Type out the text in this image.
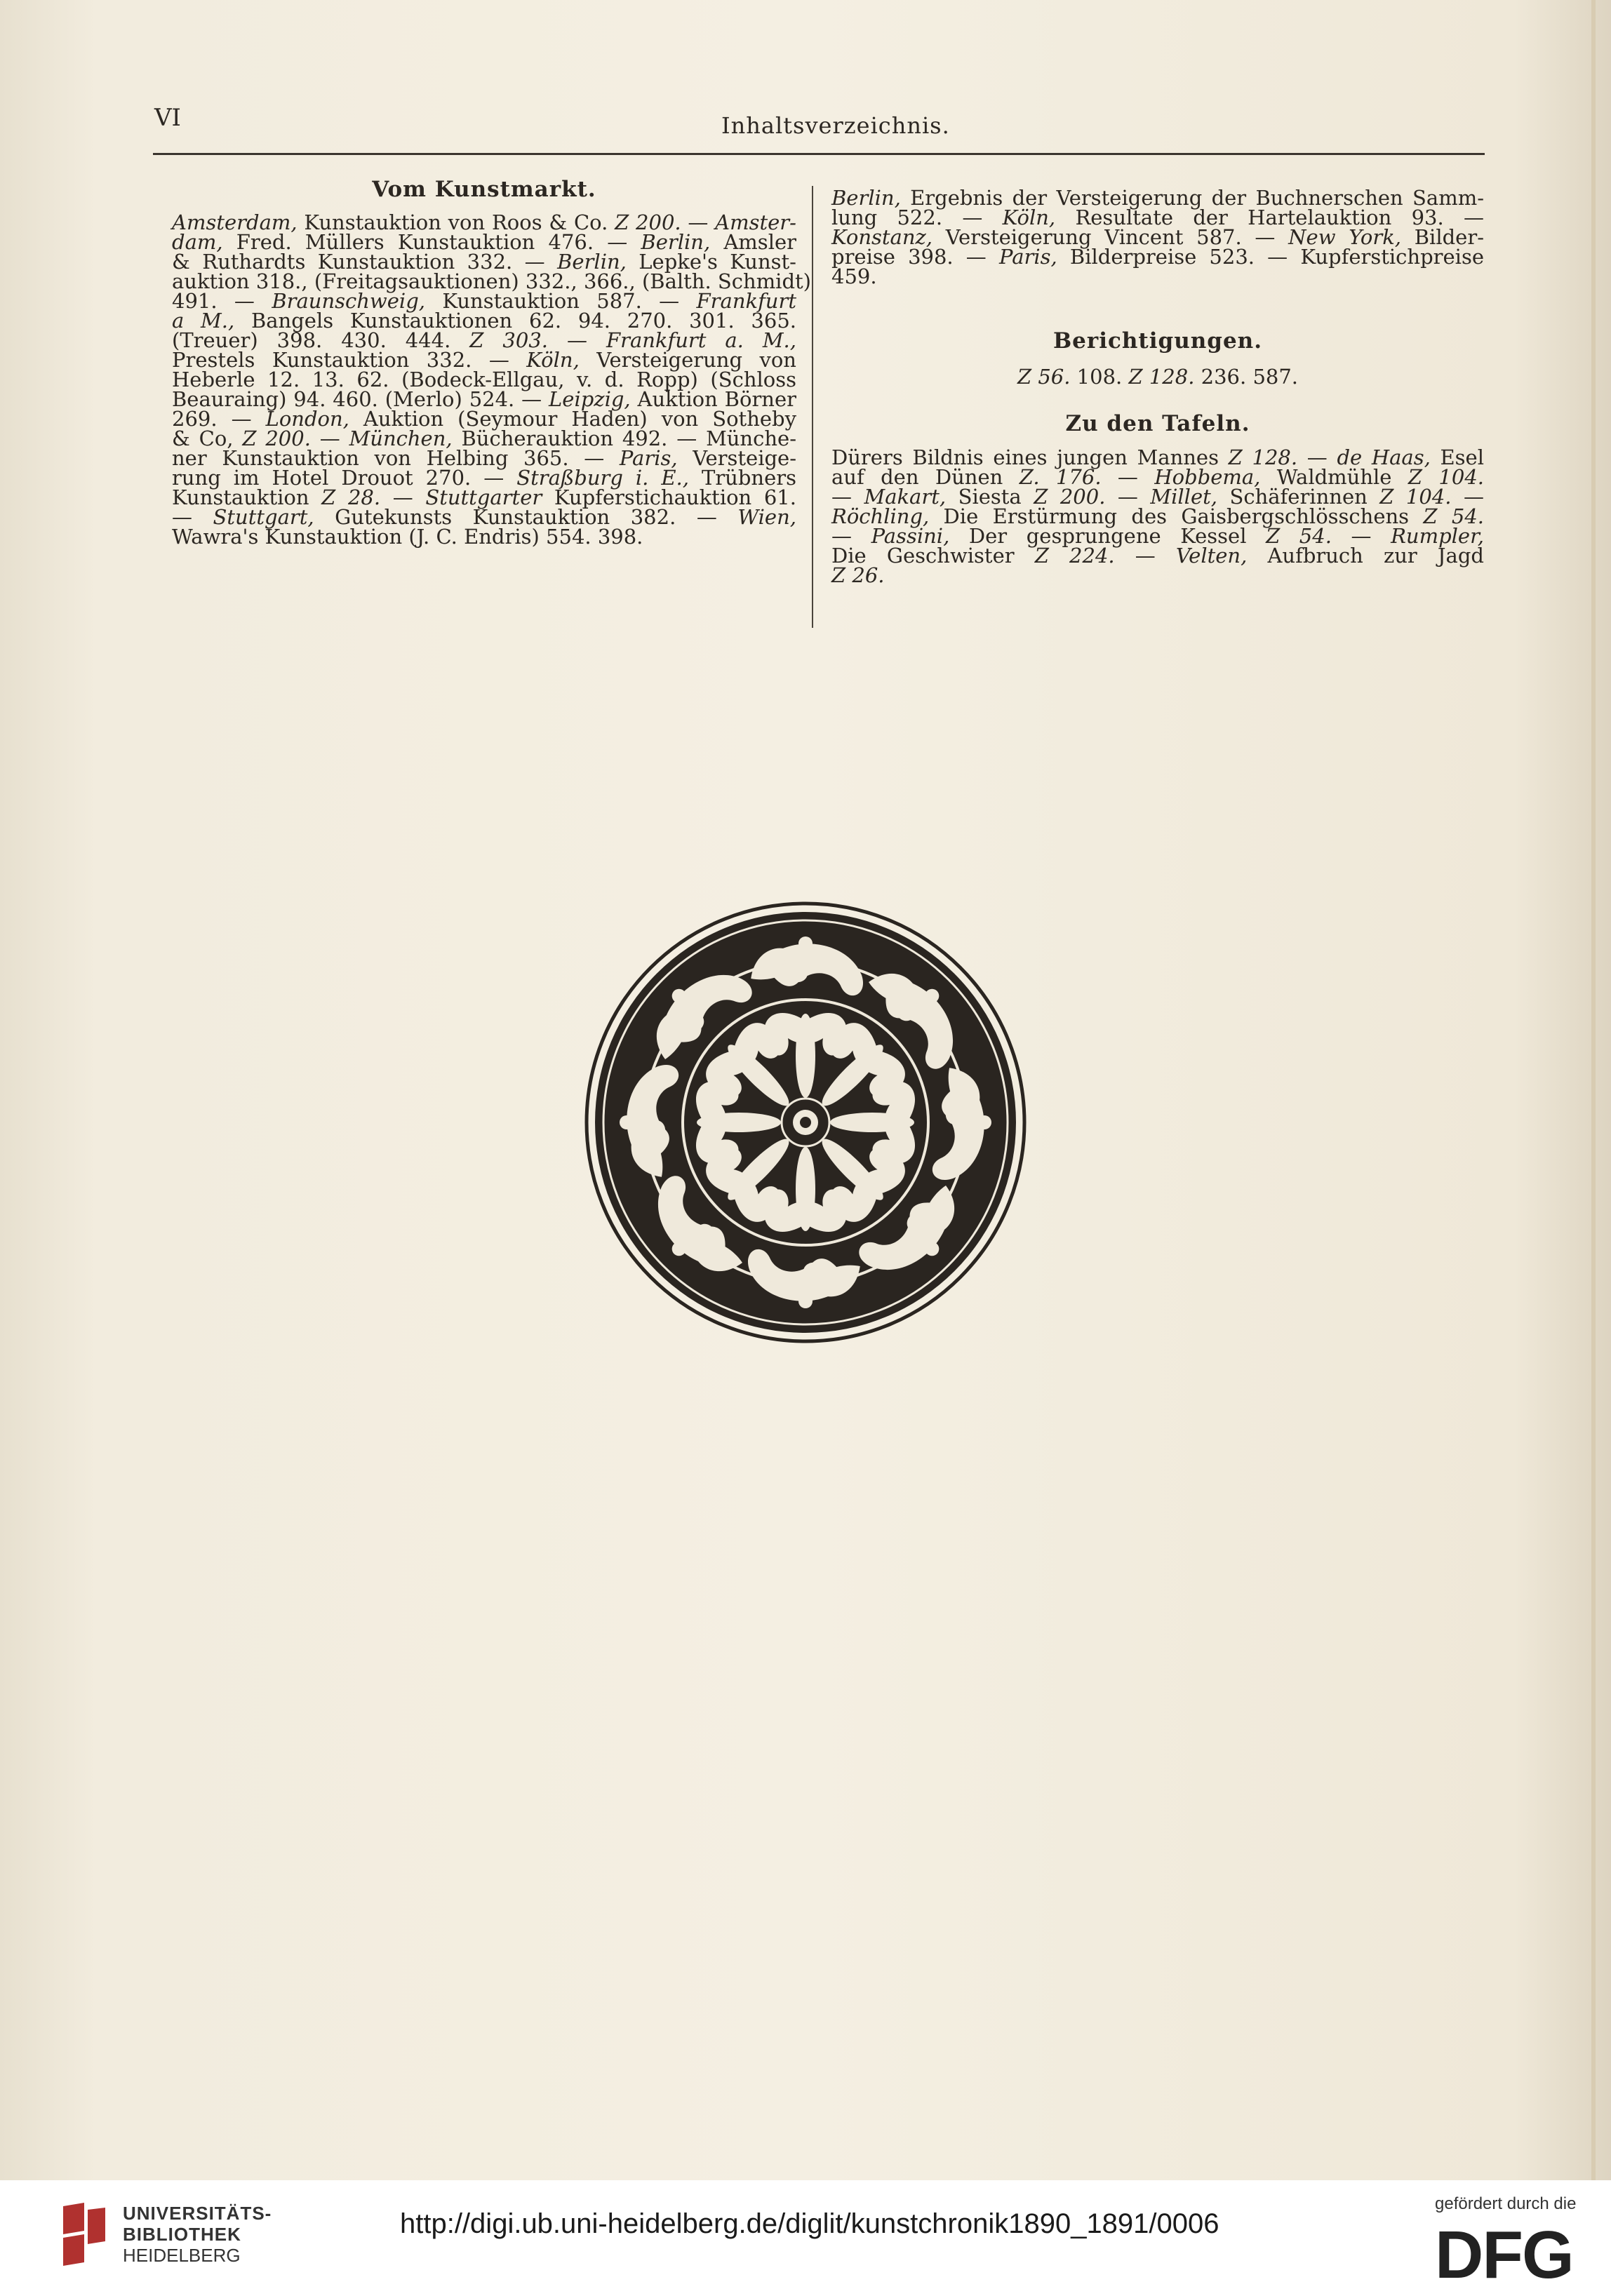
VI	Inhaltsverzeichnis.
Vom Kunstmarkt.
Amsterdam, Kunstauktion von Roos & Co. Z 200. — Amster-
dam, Fred. Müllers Kunstauktion 476. — Berlin, Amsler
& Ruthardts Kunstauktion 332. — Berlin, Lepke's Kunst-
auktion 318., (Freitagsauktionen) 332., 366., (Balth. Schmidt)
491. — Braunschweig, Kunstauktion 587. — Frankfurt
a M., Bangels Kunstauktionen 62. 94. 270. 301. 365.
(Treuer) 398. 430. 444. Z 303. — Frankfurt a. M.,
Prestels Kunstauktion 332. — Köln, Versteigerung von
Heberle 12. 13. 62. (Bodeck-Ellgau, v. d. Ropp) (Schloss
Beauraing) 94. 460. (Merlo) 524. — Leipzig, Auktion Börner
269. — London, Auktion (Seymour Haden) von Sotheby
& Co, Z 200. — München, Bücherauktion 492. — Münche-
ner Kunstauktion von Helbing 365. — Paris, Versteige-
rung im Hotel Drouot 270. — Straßburg i. E., Trübners
Kunstauktion Z 28. — Stuttgarter Kupferstichauktion 61.
— Stuttgart, Gutekunsts Kunstauktion 382. — Wien,
Wawra's Kunstauktion (J. C. Endris) 554. 398.
Berlin, Ergebnis der Versteigerung der Buchnerschen Samm-
lung 522. — Köln, Resultate der Hartelauktion 93. —
Konstanz, Versteigerung Vincent 587. — New York, Bilder-
preise 398. — Paris, Bilderpreise 523. — Kupferstichpreise
459.
Berichtigungen.
Z 56. 108. Z 128. 236. 587.
Zu den Tafeln.
Dürers Bildnis eines jungen Mannes Z 128. — de Haas, Esel
auf den Dünen Z. 176. — Hobbema, Waldmühle Z 104.
— Makart, Siesta Z 200. — Millet, Schäferinnen Z 104. —
Röchling, Die Erstürmung des Gaisbergschlösschens Z 54.
— Passini, Der gesprungene Kessel Z 54. — Rumpler,
Die Geschwister Z 224. — Velten, Aufbruch zur Jagd
Z 26.
UNIVERSITÄTS-
BIBLIOTHEK
HEIDELBERG
http://digi.ub.uni-heidelberg.de/diglit/kunstchronik1890_1891/0006
gefördert durch die
DFG
